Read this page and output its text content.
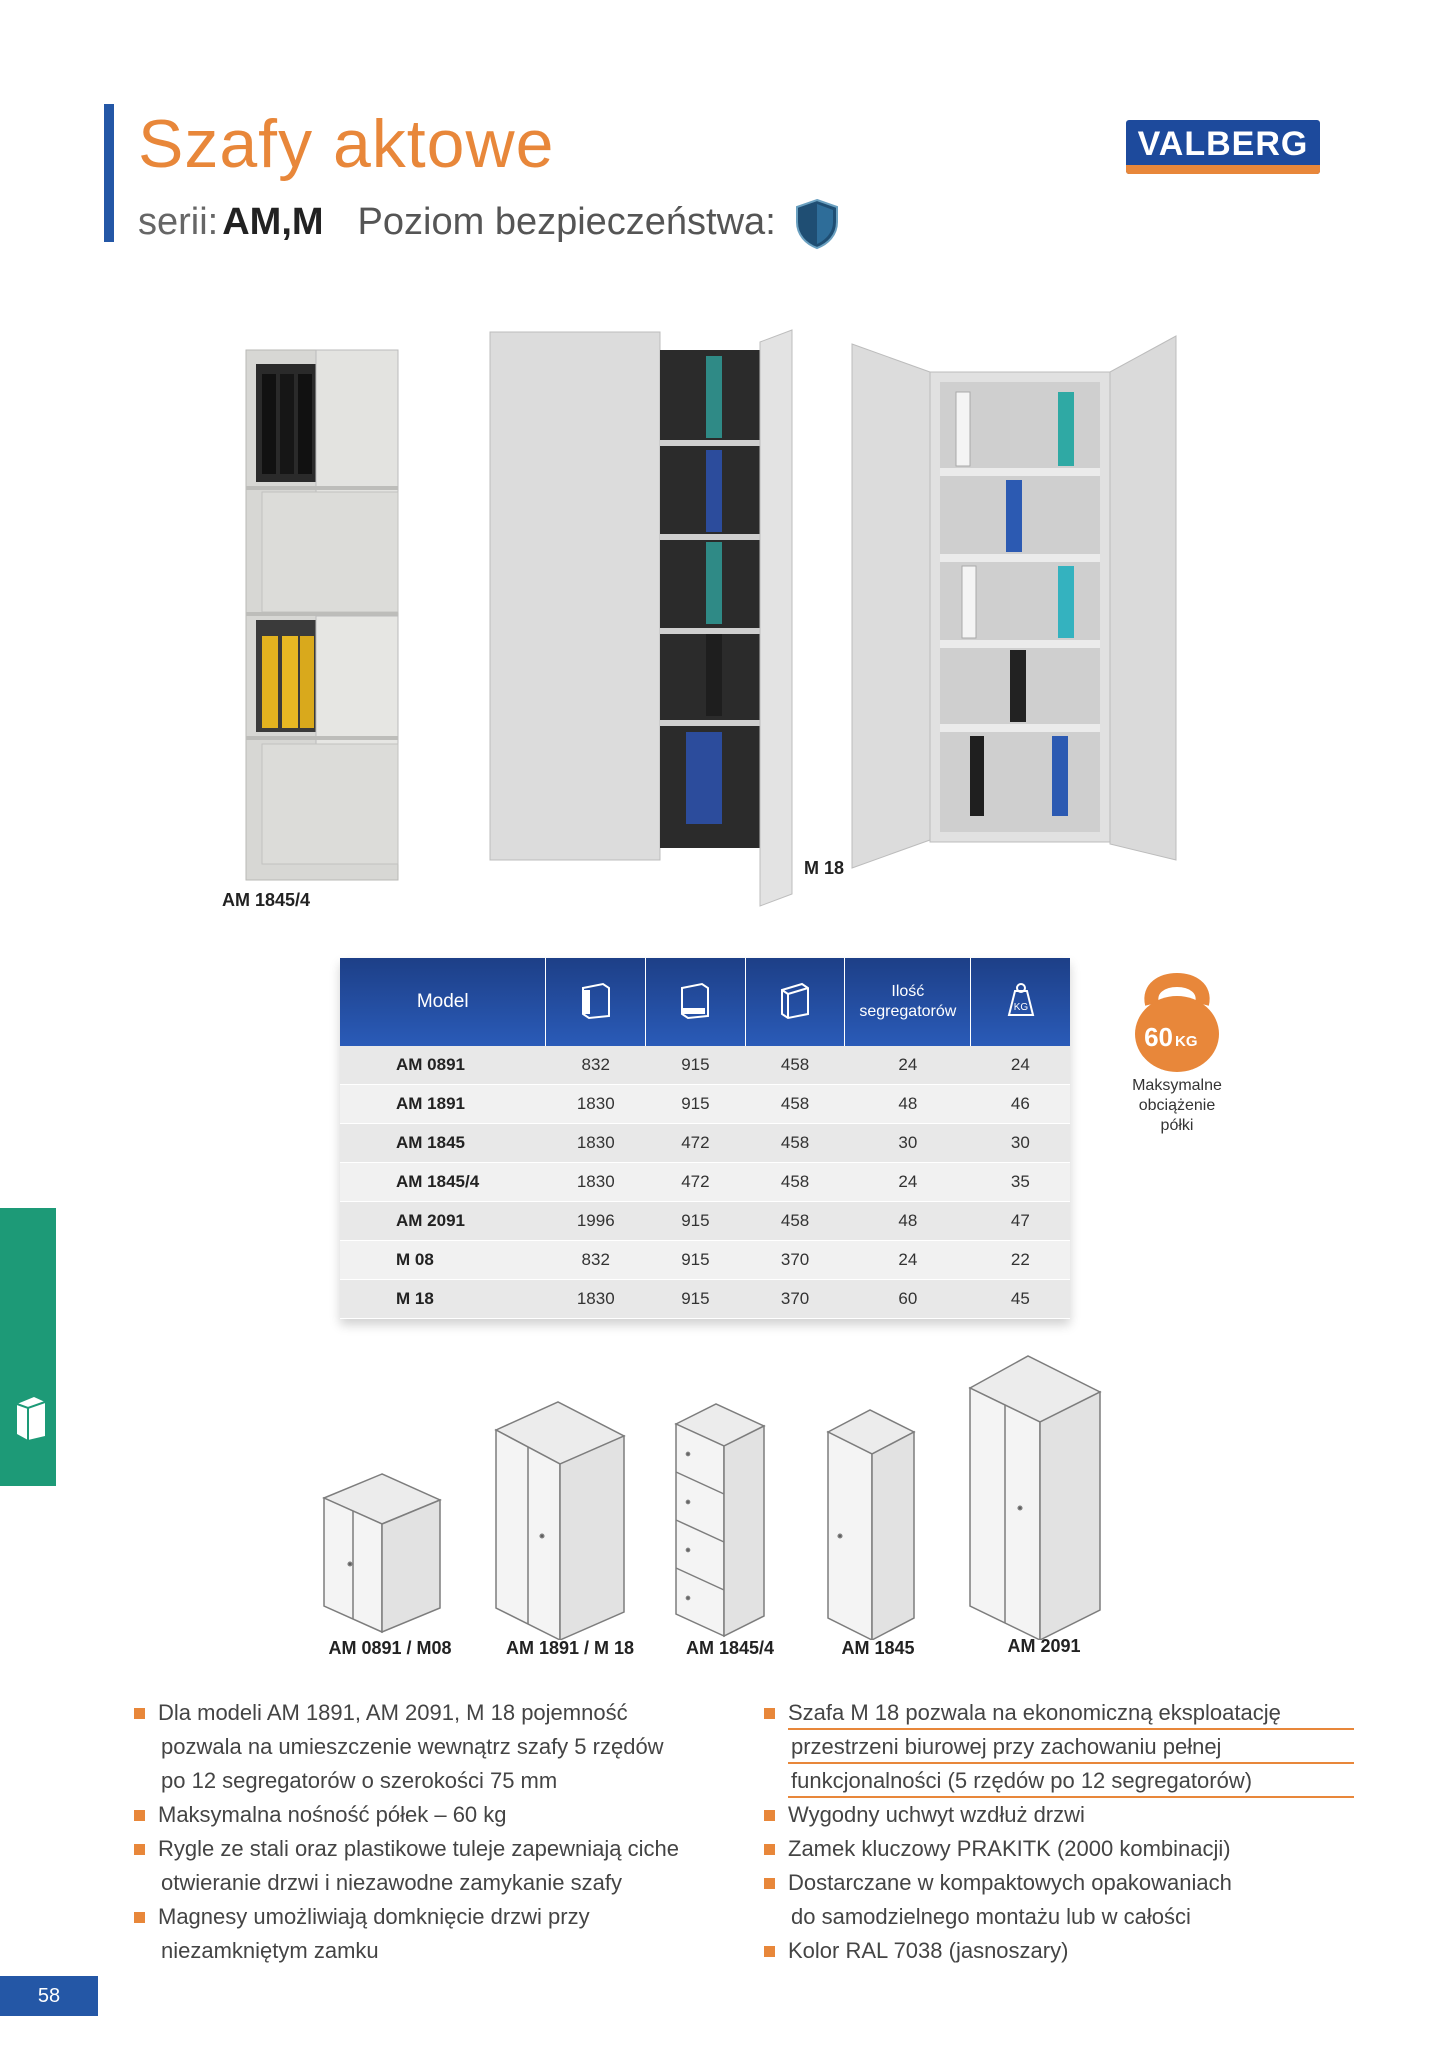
Szafy aktowe
serii: AM,M Poziom bezpieczeństwa:
VALBERG
AM 1845/4
M 18
Model				Ilość segregatorów	KG

AM 0891	832	915	458	24	24
AM 1891	1830	915	458	48	46
AM 1845	1830	472	458	30	30
AM 1845/4	1830	472	458	24	35
AM 2091	1996	915	458	48	47
M 08	832	915	370	24	22
M 18	1830	915	370	60	45
60 KG
Maksymalne
obciążenie
półki
AM 0891 / M08	AM 1891 / M 18	AM 1845/4	AM 1845	AM 2091
Dla modeli AM 1891, AM 2091, M 18 pojemność
pozwala na umieszczenie wewnątrz szafy 5 rzędów
po 12 segregatorów o szerokości 75 mm
Maksymalna nośność półek – 60 kg
Rygle ze stali oraz plastikowe tuleje zapewniają ciche
otwieranie drzwi i niezawodne zamykanie szafy
Magnesy umożliwiają domknięcie drzwi przy
niezamkniętym zamku
Szafa M 18 pozwala na ekonomiczną eksploatację
przestrzeni biurowej przy zachowaniu pełnej
funkcjonalności (5 rzędów po 12 segregatorów)
Wygodny uchwyt wzdłuż drzwi
Zamek kluczowy PRAKITK (2000 kombinacji)
Dostarczane w kompaktowych opakowaniach
do samodzielnego montażu lub w całości
Kolor RAL 7038 (jasnoszary)
58
